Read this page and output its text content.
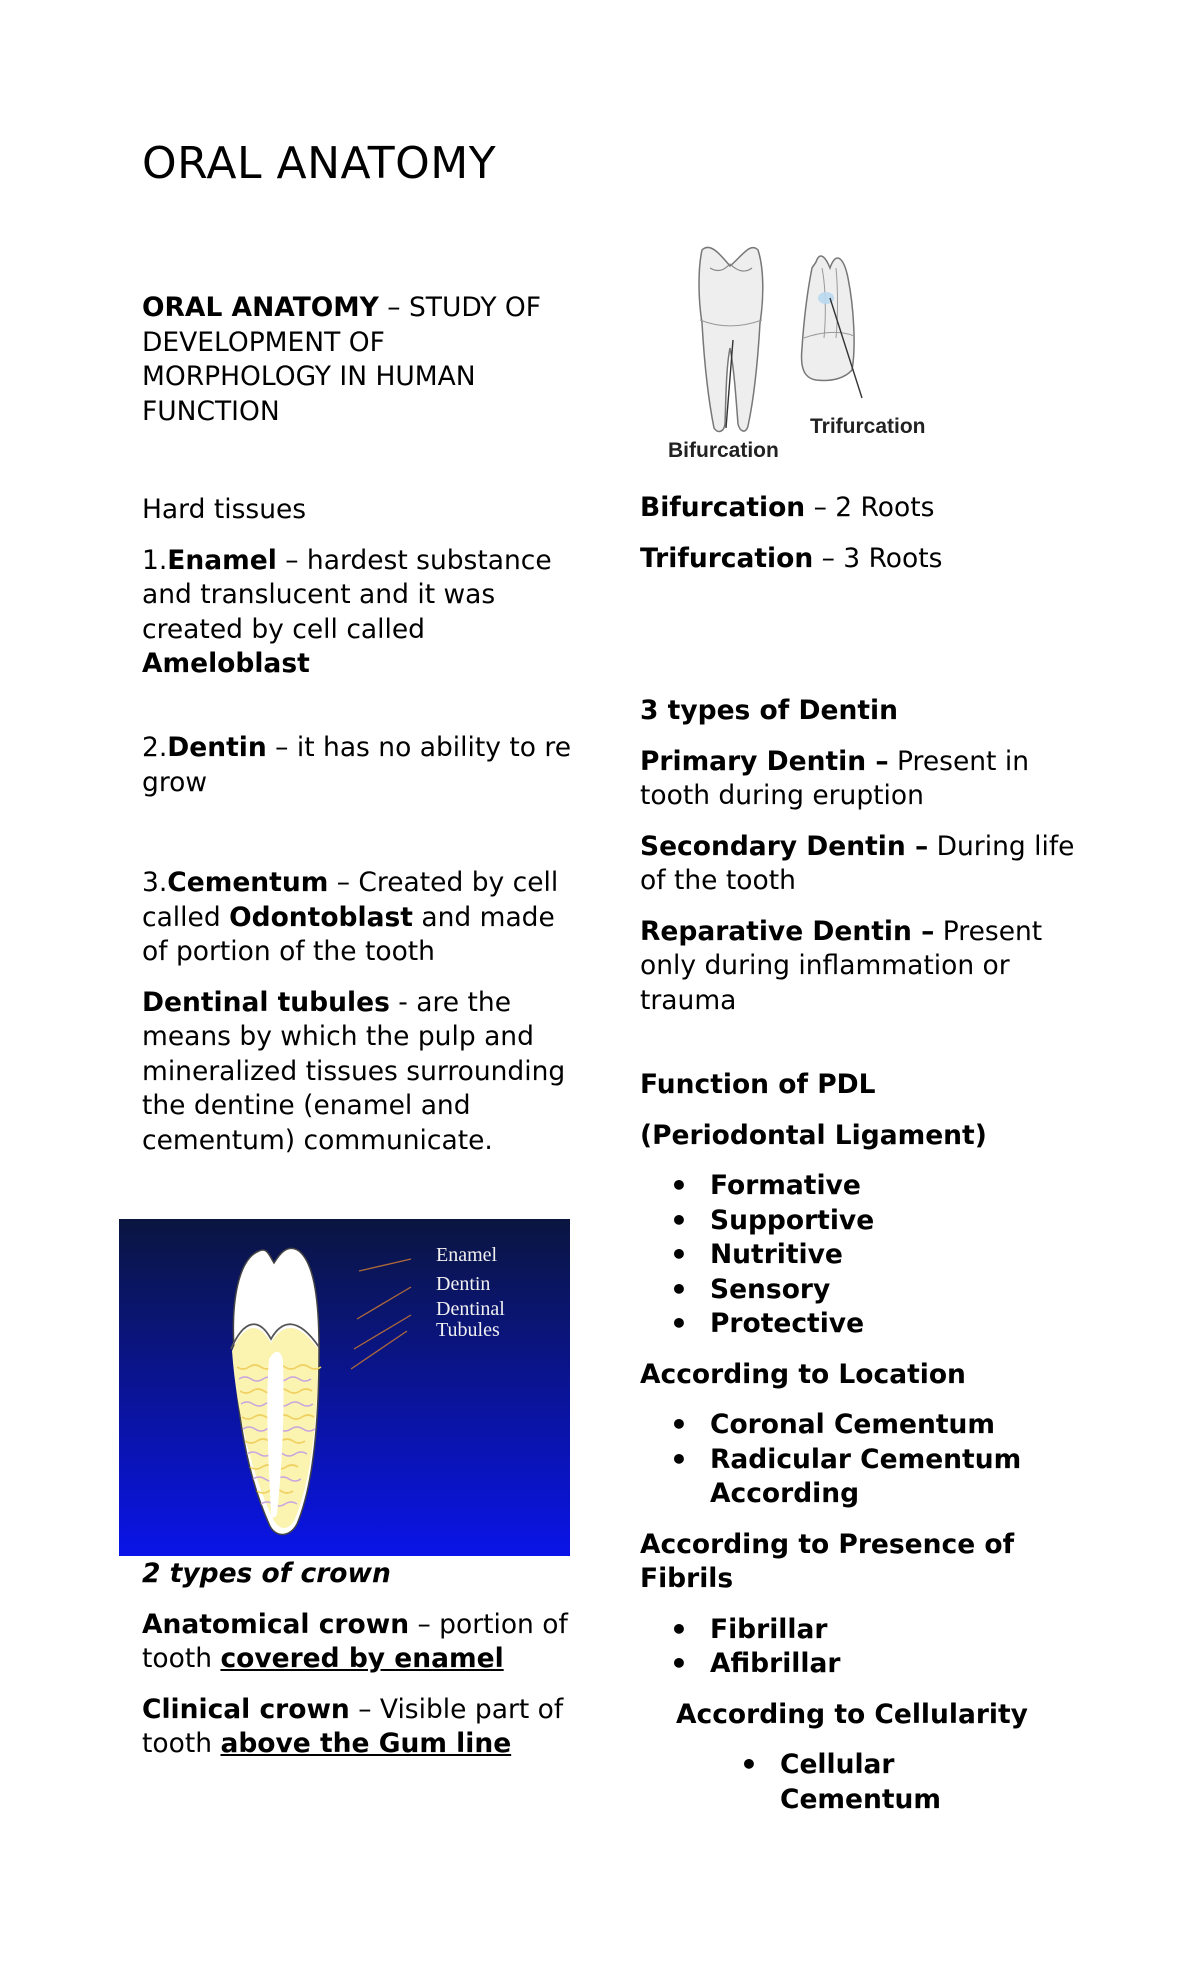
ORAL ANATOMY

ORAL ANATOMY – STUDY OF DEVELOPMENT OF MORPHOLOGY IN HUMAN FUNCTION

Hard tissues

1.Enamel – hardest substance and translucent and it was created by cell called Ameloblast

2.Dentin – it has no ability to re grow

3.Cementum – Created by cell called Odontoblast and made of portion of the tooth

Dentinal tubules - are the means by which the pulp and mineralized tissues surrounding the dentine (enamel and cementum) communicate.

Enamel
Dentin
Dentinal
Tubules

2 types of crown

Anatomical crown – portion of tooth covered by enamel

Clinical crown – Visible part of tooth above the Gum line

Bifurcation
Trifurcation

Bifurcation – 2 Roots

Trifurcation – 3 Roots

3 types of Dentin

Primary Dentin – Present in tooth during eruption

Secondary Dentin – During life of the tooth

Reparative Dentin – Present only during inflammation or trauma

Function of PDL

(Periodontal Ligament)

• Formative
• Supportive
• Nutritive
• Sensory
• Protective

According to Location

• Coronal Cementum
• Radicular Cementum According

According to Presence of Fibrils

• Fibrillar
• Afibrillar

According to Cellularity

• Cellular Cementum
